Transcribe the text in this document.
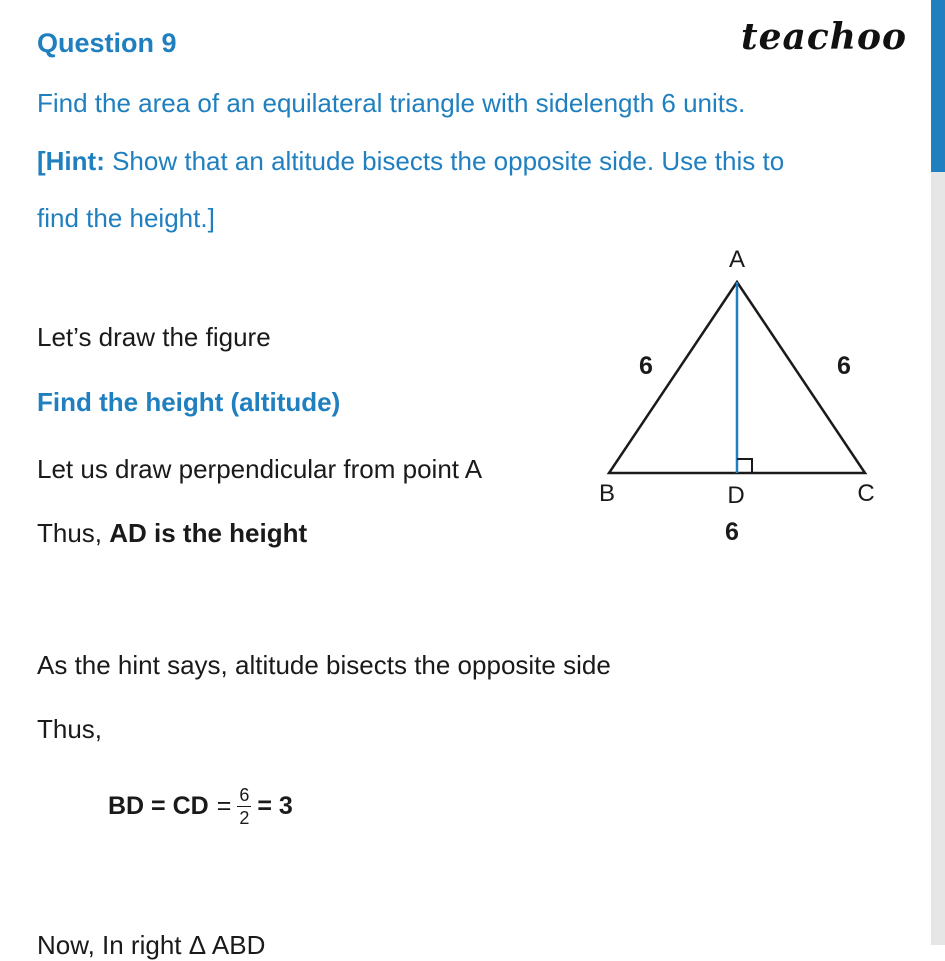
Question 9	teachoo
Find the area of an equilateral triangle with sidelength 6 units.
[Hint: Show that an altitude bisects the opposite side. Use this to
find the height.]
Let’s draw the figure
Find the height (altitude)
Let us draw perpendicular from point A
Thus, AD is the height
As the hint says, altitude bisects the opposite side
Thus,
BD = CD = $\frac{6}{2} = 3$
Now, In right Δ ABD
A
B	C
D
6	6
6
